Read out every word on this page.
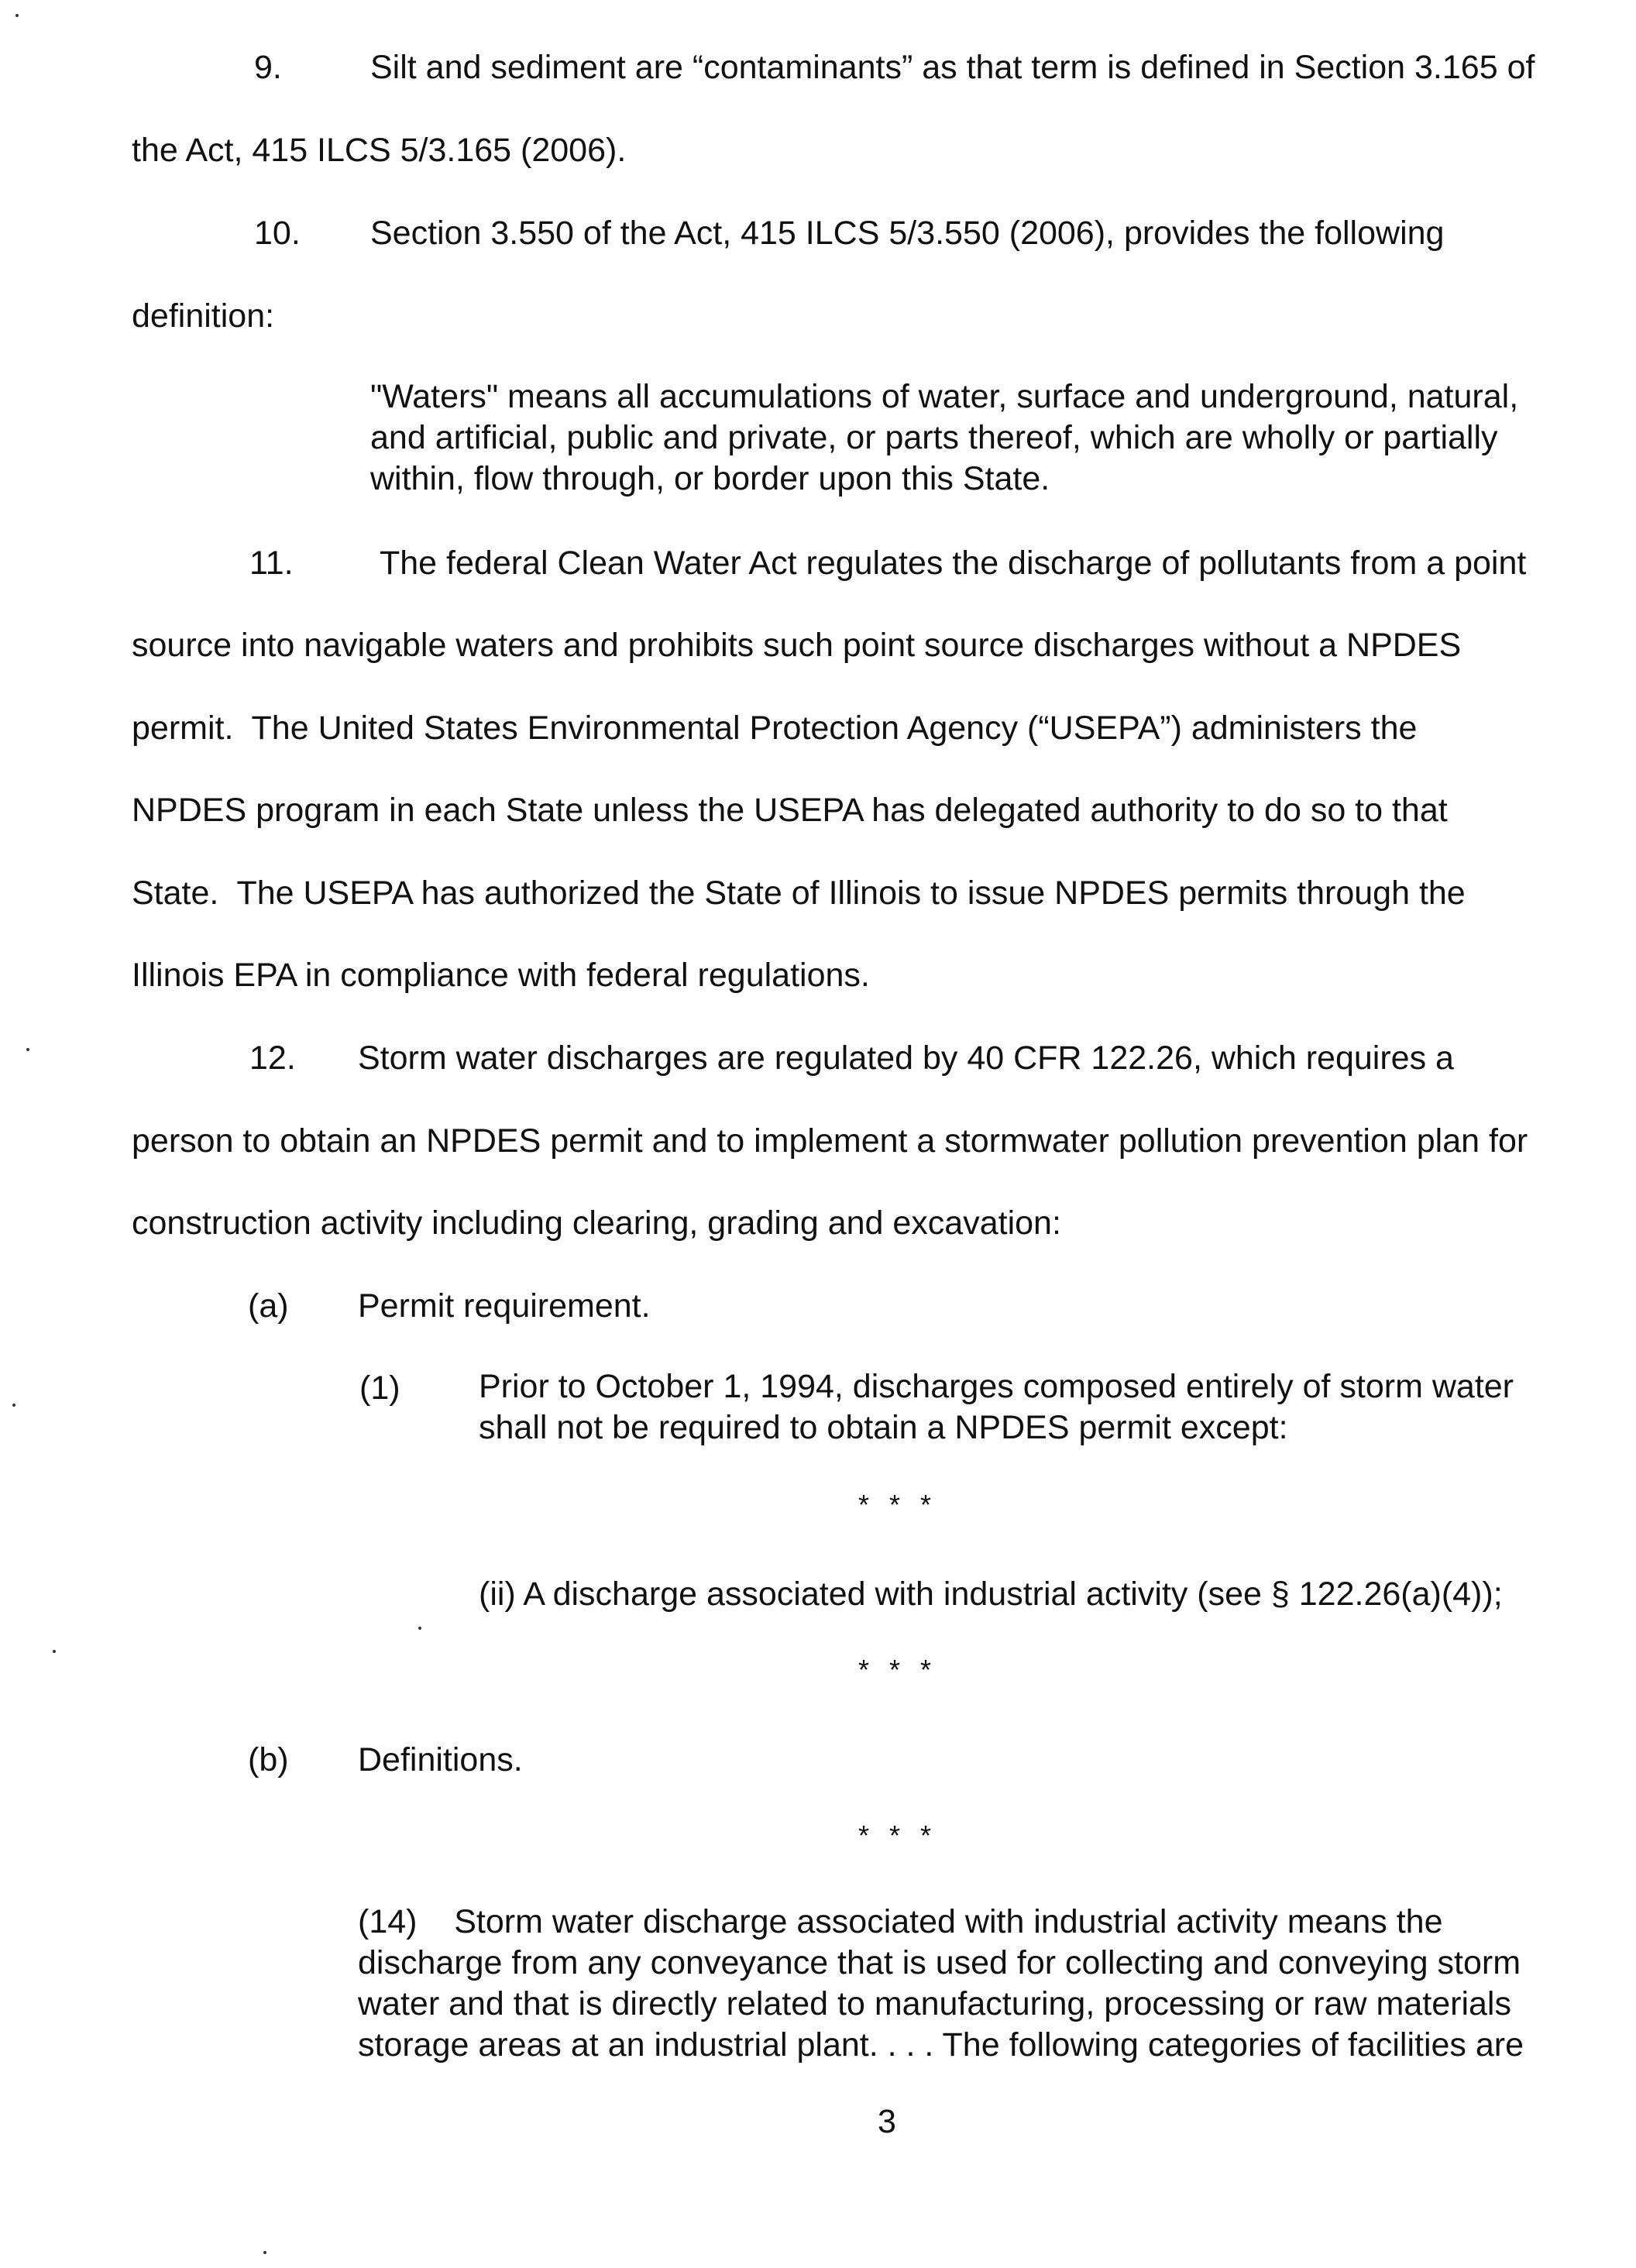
9.	Silt and sediment are “contaminants” as that term is defined in Section 3.165 of
the Act, 415 ILCS 5/3.165 (2006).
10. Section 3.550 of the Act, 415 ILCS 5/3.550 (2006), provides the following
definition:
"Waters" means all accumulations of water, surface and underground, natural,
and artificial, public and private, or parts thereof, which are wholly or partially
within, flow through, or border upon this State.
11.	The federal Clean Water Act regulates the discharge of pollutants from a point
source into navigable waters and prohibits such point source discharges without a NPDES
permit.  The United States Environmental Protection Agency (“USEPA”) administers the
NPDES program in each State unless the USEPA has delegated authority to do so to that
State.  The USEPA has authorized the State of Illinois to issue NPDES permits through the
Illinois EPA in compliance with federal regulations.
12. Storm water discharges are regulated by 40 CFR 122.26, which requires a
person to obtain an NPDES permit and to implement a stormwater pollution prevention plan for
construction activity including clearing, grading and excavation:
(a) Permit requirement.
(1) Prior to October 1, 1994, discharges composed entirely of storm water
shall not be required to obtain a NPDES permit except:
* * *
(ii) A discharge associated with industrial activity (see § 122.26(a)(4));
* * *
(b) Definitions.
* * *
(14)    Storm water discharge associated with industrial activity means the
discharge from any conveyance that is used for collecting and conveying storm
water and that is directly related to manufacturing, processing or raw materials
storage areas at an industrial plant. . . . The following categories of facilities are
3
